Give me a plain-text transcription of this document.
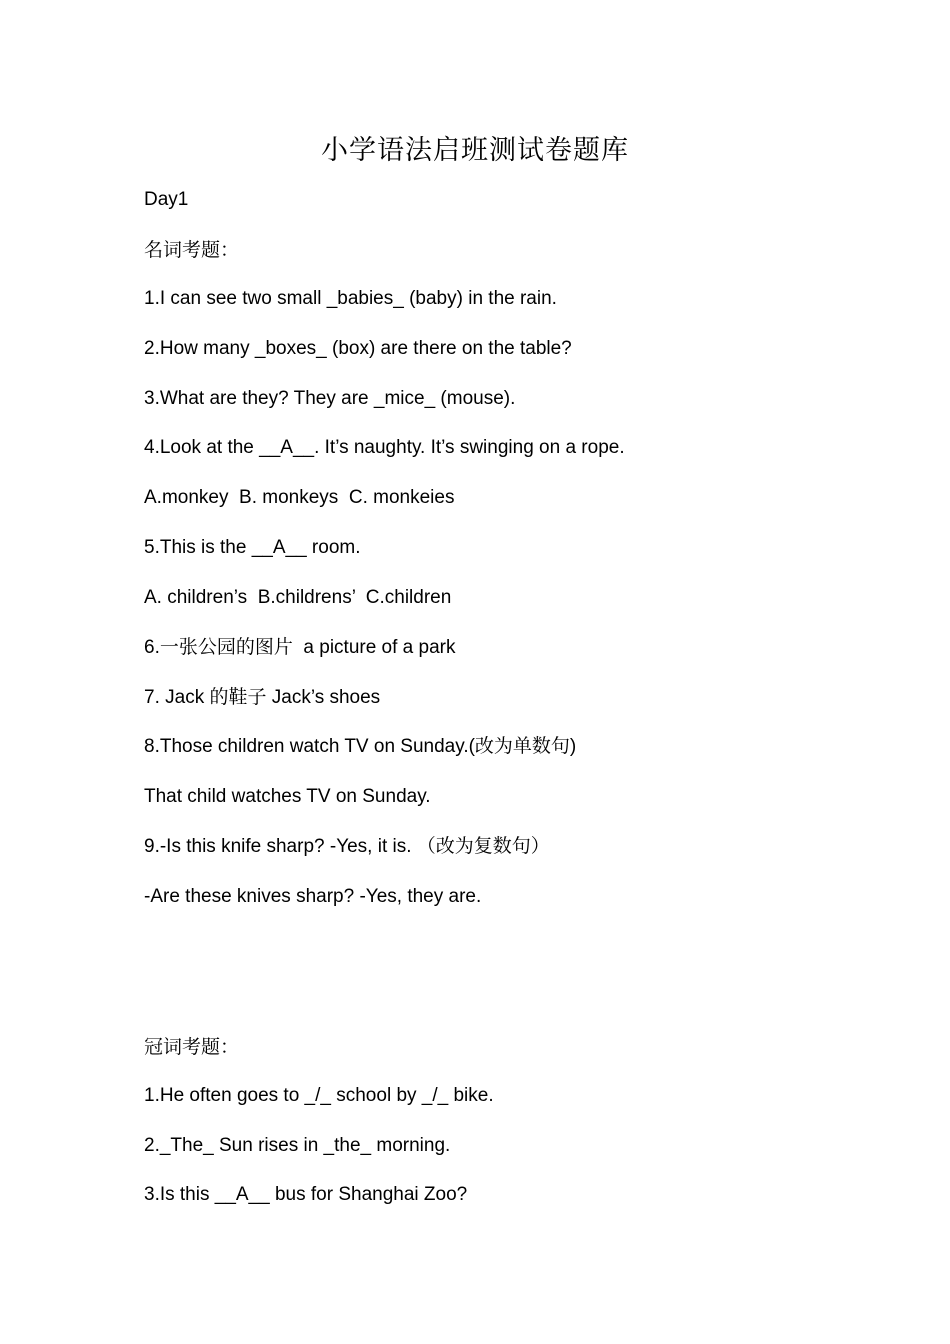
小学语法启班测试卷题库
Day1
名词考题：
1.I can see two small _babies_ (baby) in the rain.
2.How many _boxes_ (box) are there on the table?
3.What are they? They are _mice_ (mouse).
4.Look at the __A__. It’s naughty. It’s swinging on a rope.
A.monkey  B. monkeys  C. monkeies
5.This is the __A__ room.
A. children’s  B.childrens’  C.children
6.一张公园的图片  a picture of a park
7. Jack 的鞋子 Jack’s shoes
8.Those children watch TV on Sunday.(改为单数句)
That child watches TV on Sunday.
9.-Is this knife sharp? -Yes, it is. （改为复数句）
-Are these knives sharp? -Yes, they are.
冠词考题：
1.He often goes to _/_ school by _/_ bike.
2._The_ Sun rises in _the_ morning.
3.Is this __A__ bus for Shanghai Zoo?
